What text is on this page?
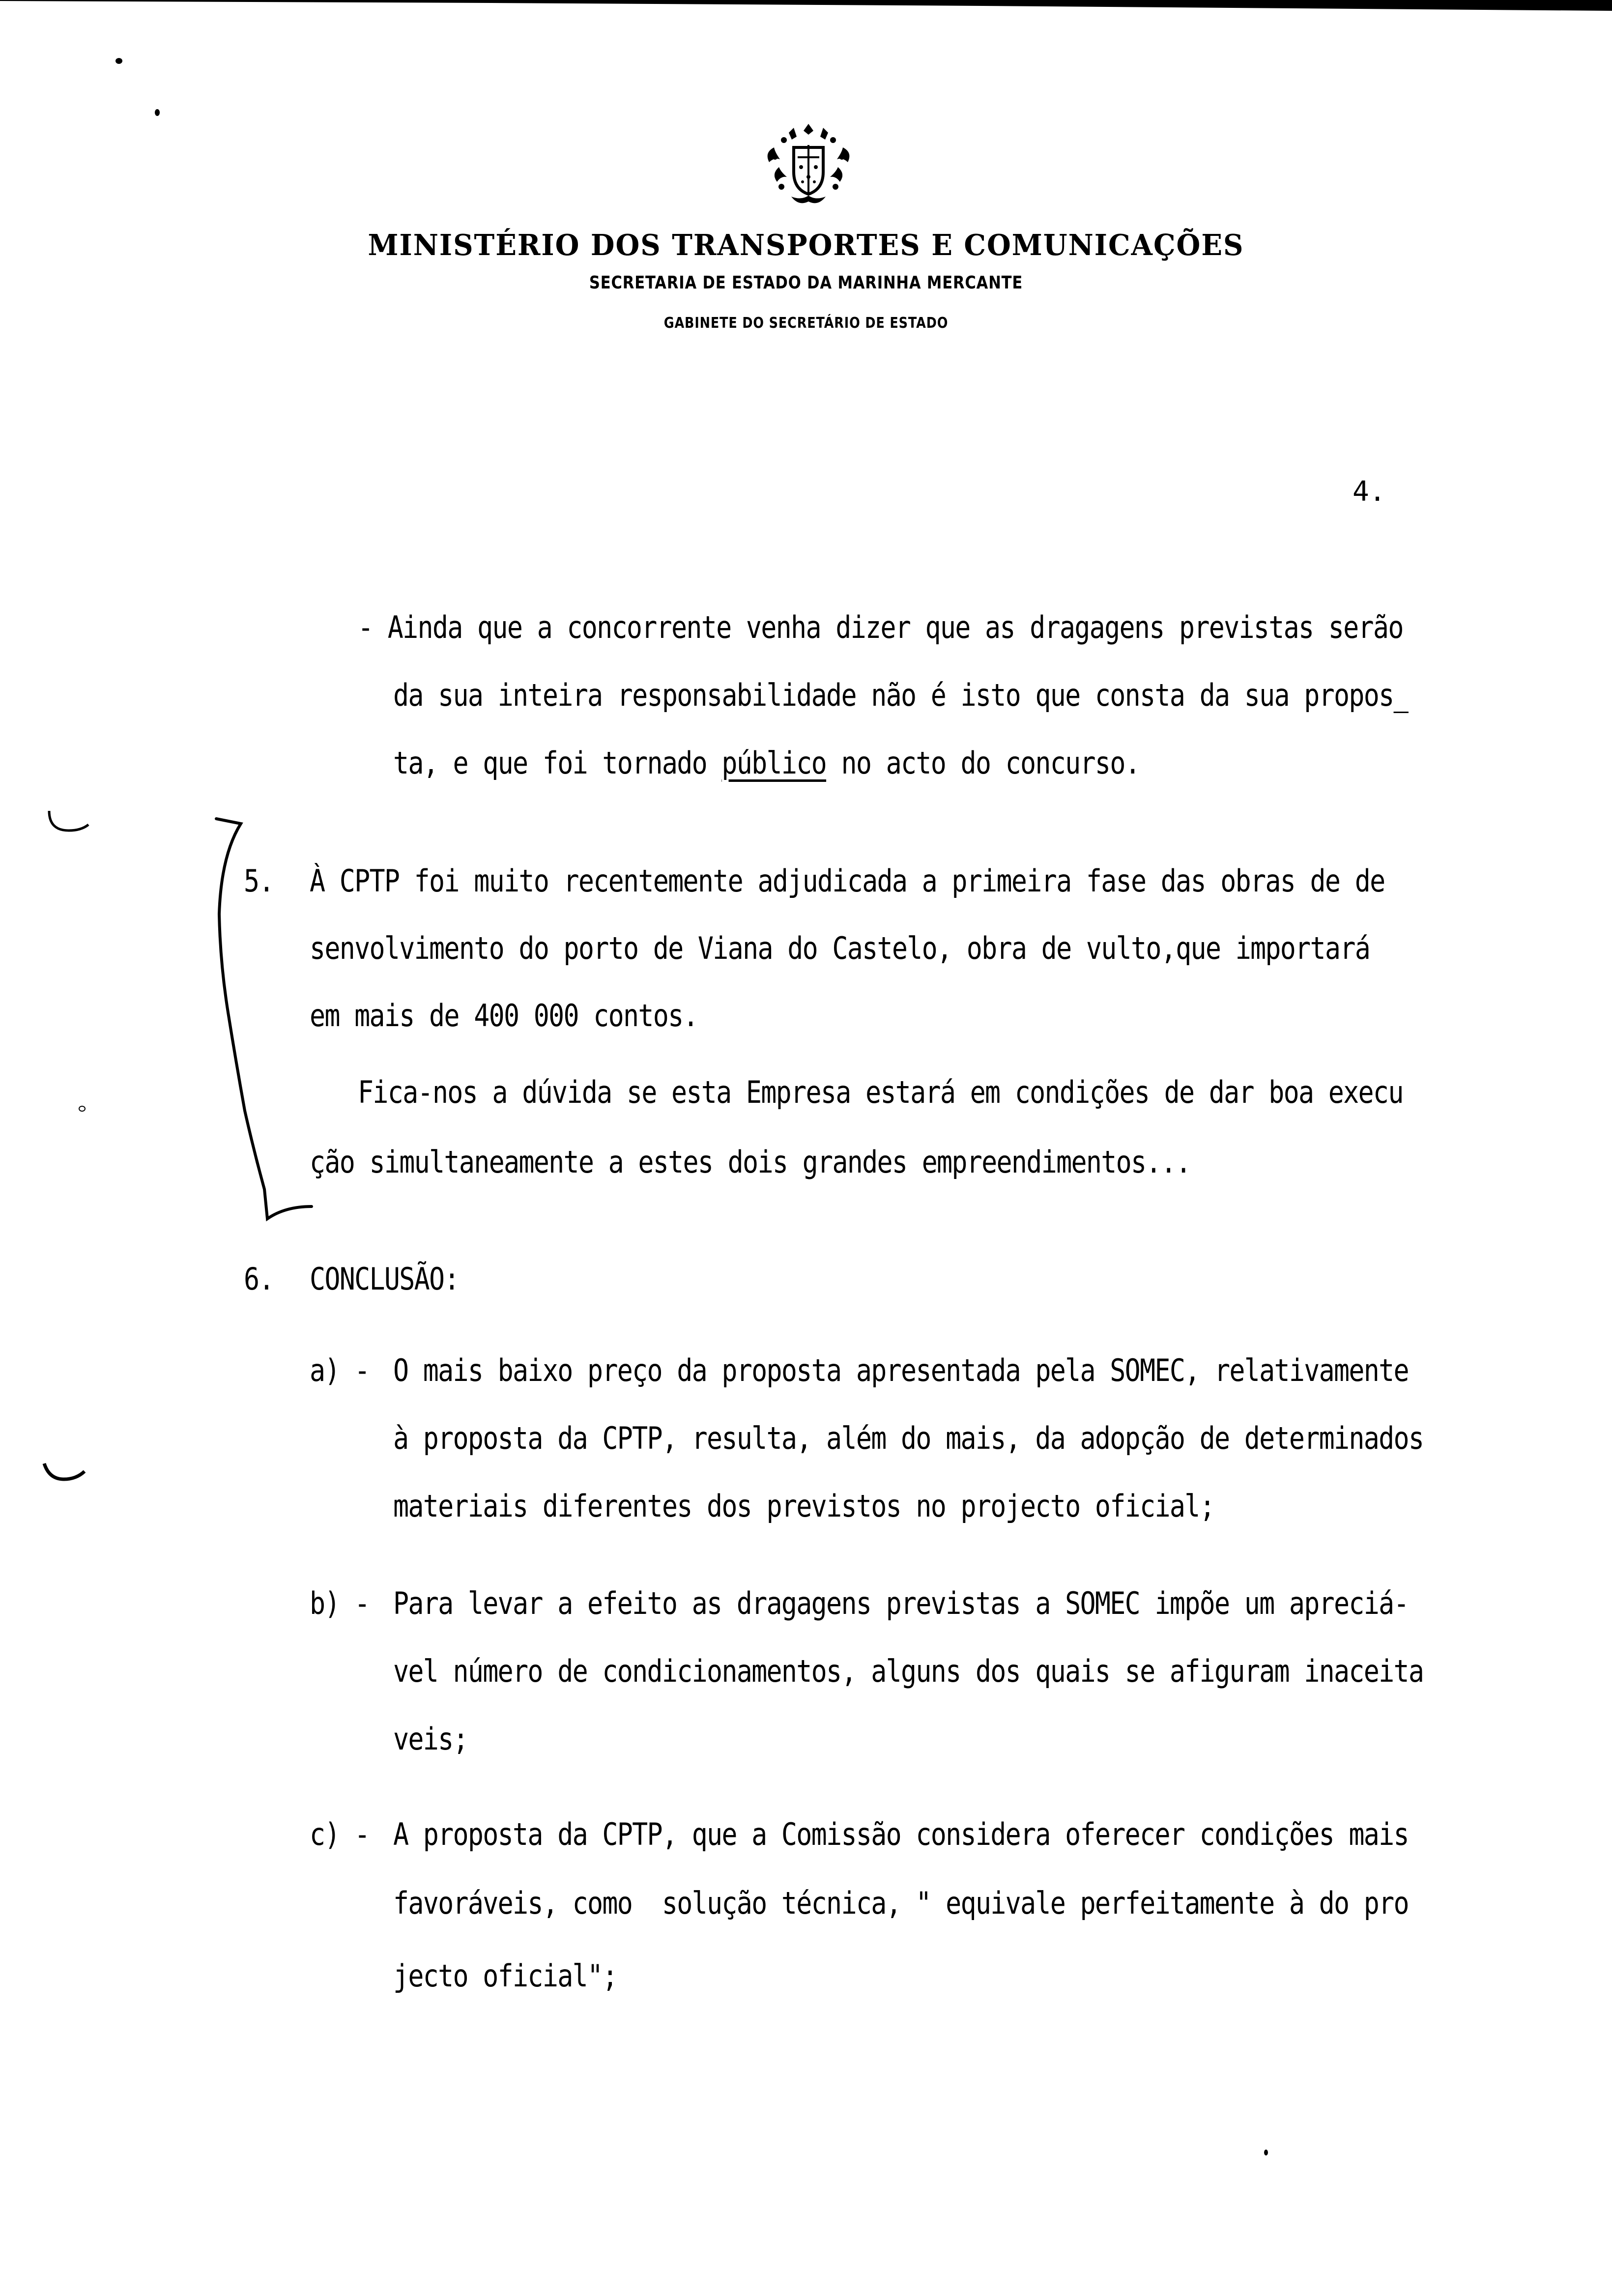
MINISTÉRIO DOS TRANSPORTES E COMUNICAÇÕES
SECRETARIA DE ESTADO DA MARINHA MERCANTE
GABINETE DO SECRETÁRIO DE ESTADO
4.
- Ainda que a concorrente venha dizer que as dragagens previstas serão
da sua inteira responsabilidade não é isto que consta da sua propos 
ta, e que foi tornado público no acto do concurso.
5. À CPTP foi muito recentemente adjudicada a primeira fase das obras de de
senvolvimento do porto de Viana do Castelo, obra de vulto,que importará
em mais de 400 000 contos.
Fica-nos a dúvida se esta Empresa estará em condições de dar boa execu
ção simultaneamente a estes dois grandes empreendimentos...
6. CONCLUSÃO:
a) - O mais baixo preço da proposta apresentada pela SOMEC, relativamente
à proposta da CPTP, resulta, além do mais, da adopção de determinados
materiais diferentes dos previstos no projecto oficial;
b) - Para levar a efeito as dragagens previstas a SOMEC impõe um apreciá-
vel número de condicionamentos, alguns dos quais se afiguram inaceita
veis;
c) - A proposta da CPTP, que a Comissão considera oferecer condições mais
favoráveis, como  solução técnica, " equivale perfeitamente à do pro
jecto oficial";
